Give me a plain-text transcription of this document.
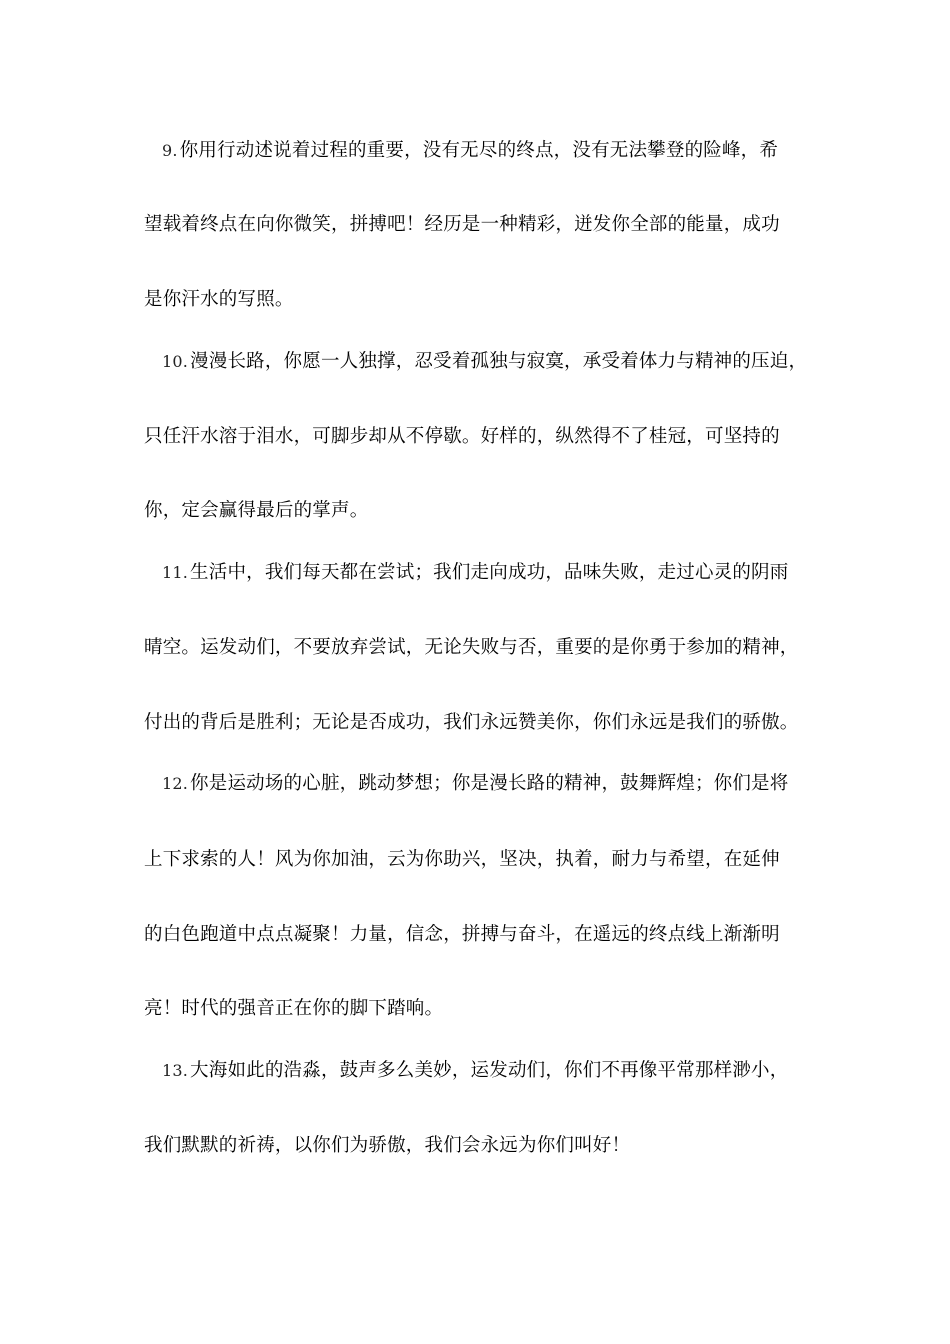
9. 你用行动述说着过程的重要，没有无尽的终点，没有无法攀登的险峰，希
望载着终点在向你微笑，拼搏吧！经历是一种精彩，迸发你全部的能量，成功
是你汗水的写照。
10. 漫漫长路，你愿一人独撑，忍受着孤独与寂寞，承受着体力与精神的压迫，
只任汗水溶于泪水，可脚步却从不停歇。好样的，纵然得不了桂冠，可坚持的
你，定会赢得最后的掌声。
11. 生活中，我们每天都在尝试；我们走向成功，品味失败，走过心灵的阴雨
晴空。运发动们，不要放弃尝试，无论失败与否，重要的是你勇于参加的精神，
付出的背后是胜利；无论是否成功，我们永远赞美你，你们永远是我们的骄傲。
12. 你是运动场的心脏，跳动梦想；你是漫长路的精神，鼓舞辉煌；你们是将
上下求索的人！风为你加油，云为你助兴，坚决，执着，耐力与希望，在延伸
的白色跑道中点点凝聚！力量，信念，拼搏与奋斗，在遥远的终点线上渐渐明
亮！时代的强音正在你的脚下踏响。
13. 大海如此的浩淼，鼓声多么美妙，运发动们，你们不再像平常那样渺小，
我们默默的祈祷，以你们为骄傲，我们会永远为你们叫好！
